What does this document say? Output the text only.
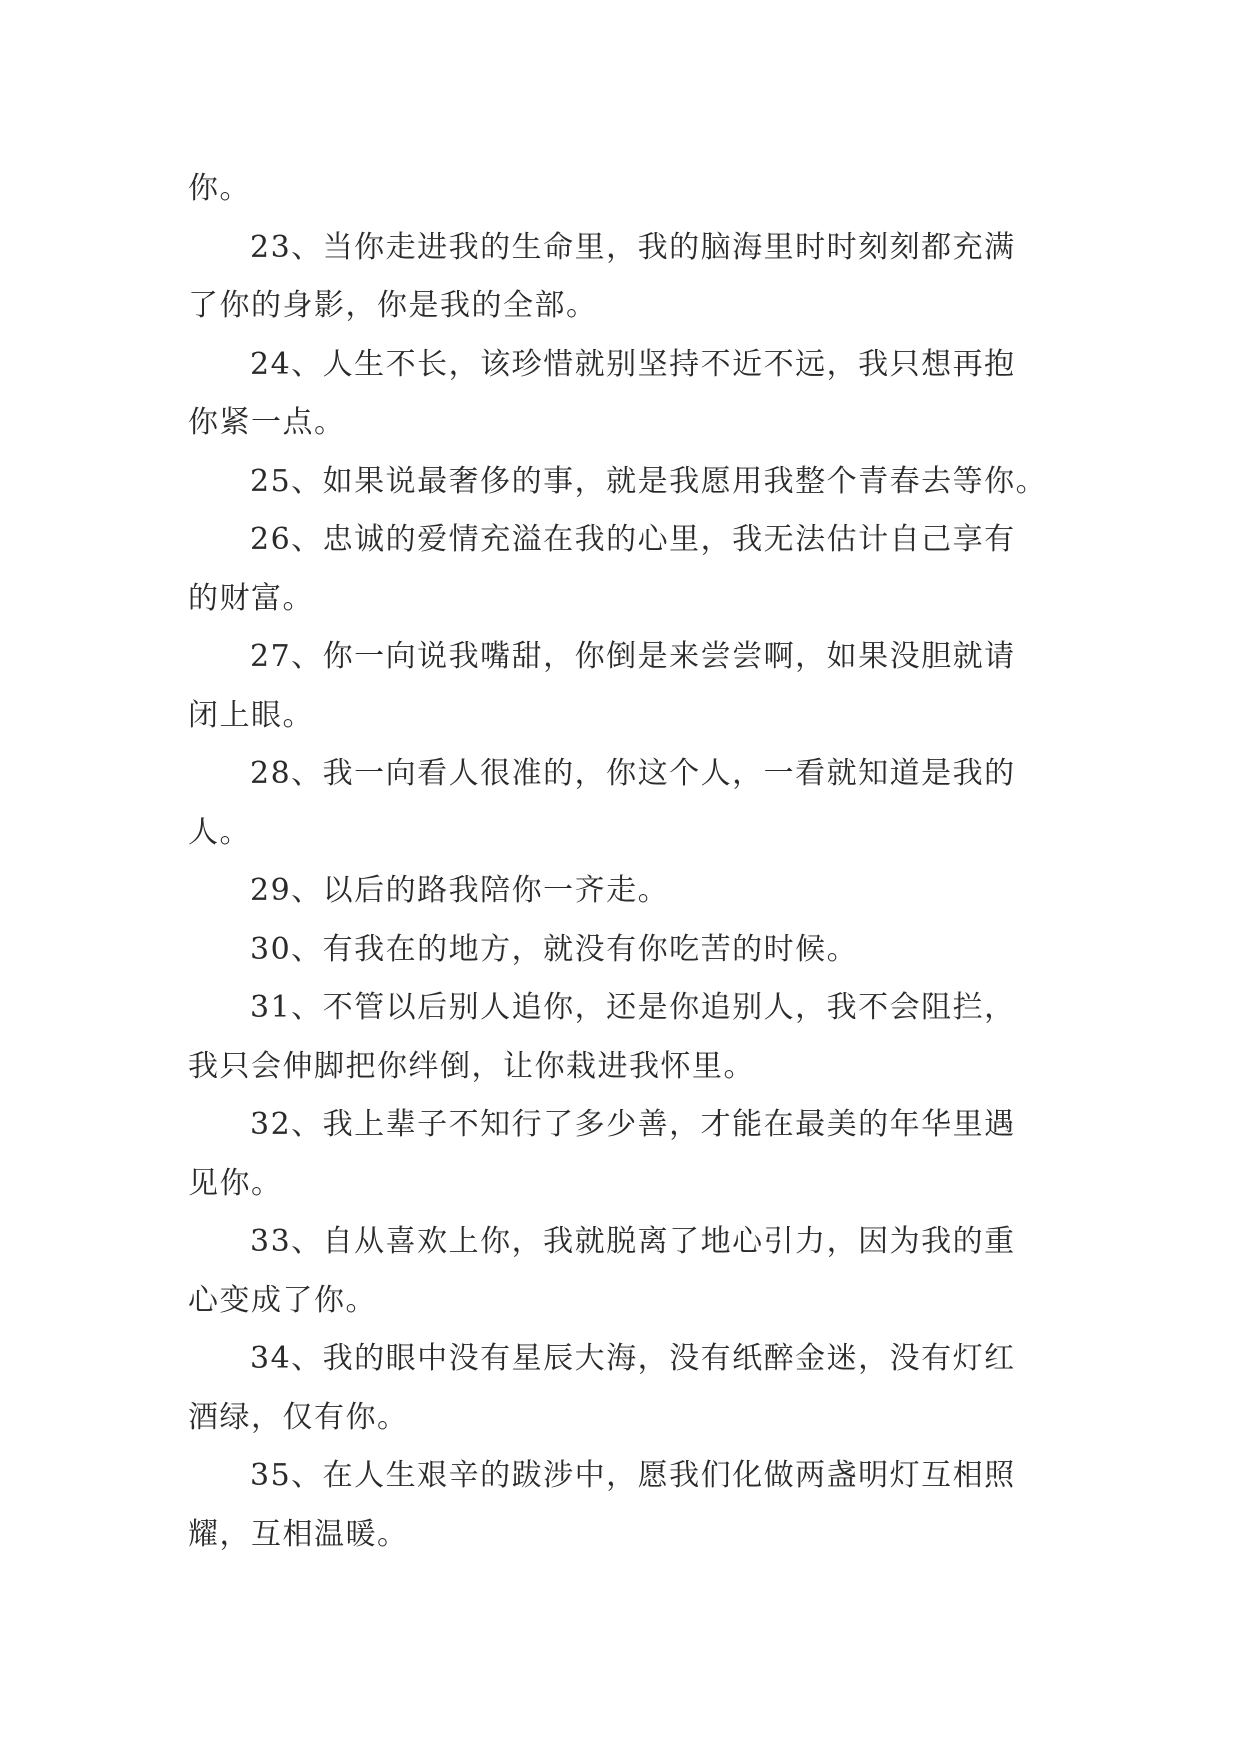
你。
23、当你走进我的生命里，我的脑海里时时刻刻都充满
了你的身影，你是我的全部。
24、人生不长，该珍惜就别坚持不近不远，我只想再抱
你紧一点。
25、如果说最奢侈的事，就是我愿用我整个青春去等你。
26、忠诚的爱情充溢在我的心里，我无法估计自己享有
的财富。
27、你一向说我嘴甜，你倒是来尝尝啊，如果没胆就请
闭上眼。
28、我一向看人很准的，你这个人，一看就知道是我的
人。
29、以后的路我陪你一齐走。
30、有我在的地方，就没有你吃苦的时候。
31、不管以后别人追你，还是你追别人，我不会阻拦，
我只会伸脚把你绊倒，让你栽进我怀里。
32、我上辈子不知行了多少善，才能在最美的年华里遇
见你。
33、自从喜欢上你，我就脱离了地心引力，因为我的重
心变成了你。
34、我的眼中没有星辰大海，没有纸醉金迷，没有灯红
酒绿，仅有你。
35、在人生艰辛的跋涉中，愿我们化做两盏明灯互相照
耀，互相温暖。
